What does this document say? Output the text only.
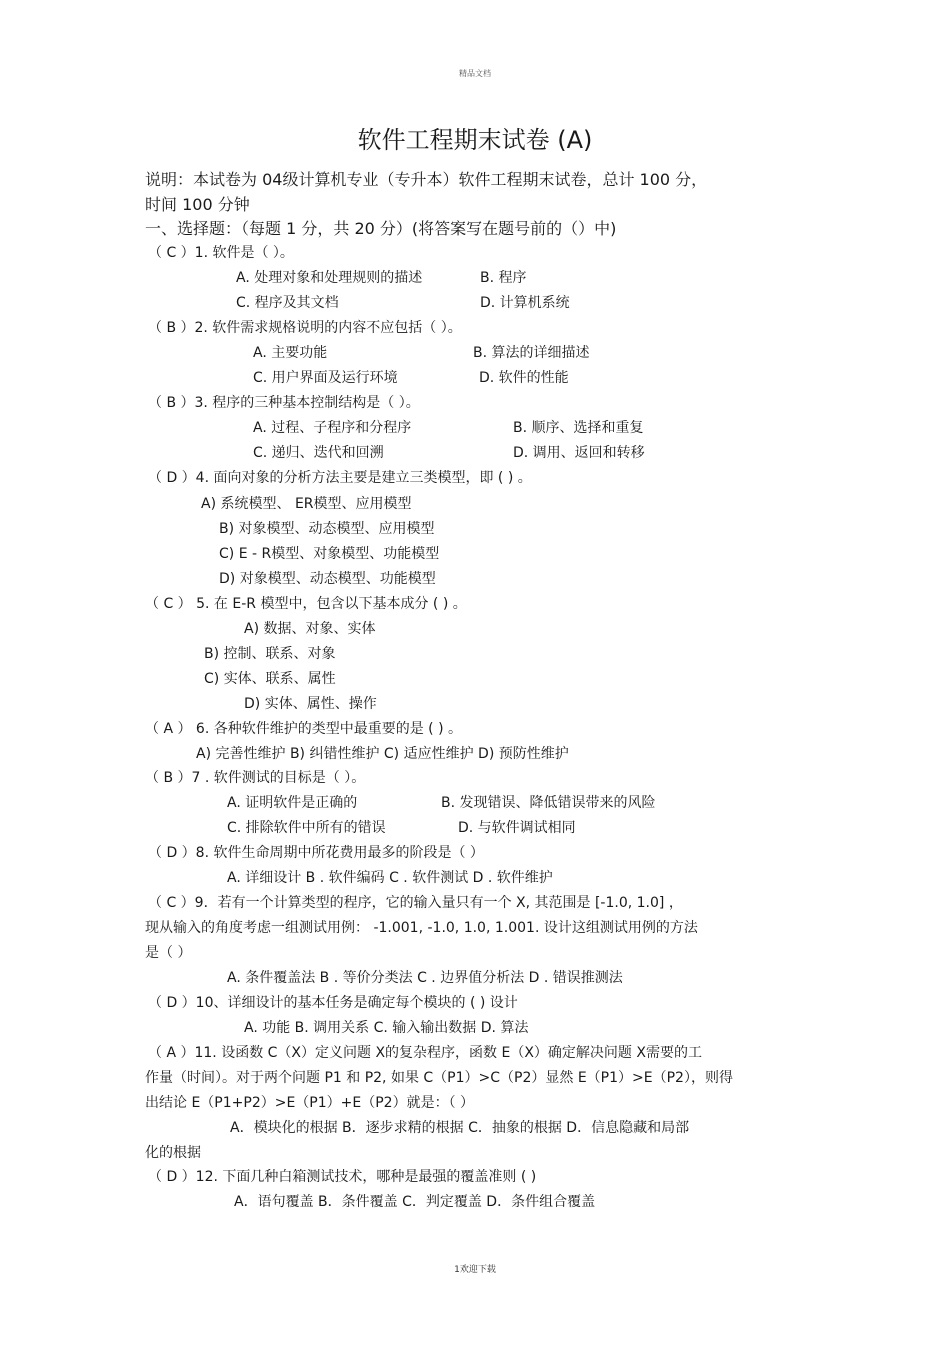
精品文档
软件工程期末试卷 (A)
说明：本试卷为 04级计算机专业（专升本）软件工程期末试卷，总计 100 分，
时间 100 分钟
一、选择题：（每题 1 分，共 20 分）(将答案写在题号前的（）中)
（ C ）1. 软件是（ ）。
A. 处理对象和处理规则的描述	B. 程序
C. 程序及其文档	D. 计算机系统
（ B ）2. 软件需求规格说明的内容不应包括（ ）。
A. 主要功能	B. 算法的详细描述
C. 用户界面及运行环境	D. 软件的性能
（ B ）3. 程序的三种基本控制结构是（ ）。
A. 过程、子程序和分程序	B. 顺序、选择和重复
C. 递归、迭代和回溯	D. 调用、返回和转移
（ D ）4. 面向对象的分析方法主要是建立三类模型，即 ( ) 。
A) 系统模型、 ER模型、应用模型
B) 对象模型、动态模型、应用模型
C) E - R模型、对象模型、功能模型
D) 对象模型、动态模型、功能模型
（ C ） 5. 在 E-R 模型中，包含以下基本成分 ( ) 。
A) 数据、对象、实体
B) 控制、联系、对象
C) 实体、联系、属性
D) 实体、属性、操作
（ A ） 6. 各种软件维护的类型中最重要的是 ( ) 。
A) 完善性维护 B) 纠错性维护 C) 适应性维护 D) 预防性维护
（ B ）7 . 软件测试的目标是（ ）。
A. 证明软件是正确的	B. 发现错误、降低错误带来的风险
C. 排除软件中所有的错误	D. 与软件调试相同
（ D ）8. 软件生命周期中所花费用最多的阶段是（ ）
A. 详细设计 B . 软件编码 C . 软件测试 D . 软件维护
（ C ）9．若有一个计算类型的程序，它的输入量只有一个 X, 其范围是 [-1.0, 1.0] ，
现从输入的角度考虑一组测试用例： -1.001, -1.0, 1.0, 1.001. 设计这组测试用例的方法
是（ ）
A. 条件覆盖法 B . 等价分类法 C . 边界值分析法 D . 错误推测法
（ D ）10、详细设计的基本任务是确定每个模块的 ( ) 设计
A. 功能 B. 调用关系 C. 输入输出数据 D. 算法
（ A ）11. 设函数 C（X）定义问题 X的复杂程序，函数 E（X）确定解决问题 X需要的工
作量（时间）。对于两个问题 P1 和 P2, 如果 C（P1）>C（P2）显然 E（P1）>E（P2），则得
出结论 E（P1+P2）>E（P1）+E（P2）就是：（ ）
A．模块化的根据 B．逐步求精的根据 C．抽象的根据 D．信息隐藏和局部
化的根据
（ D ）12. 下面几种白箱测试技术，哪种是最强的覆盖准则 ( )
A．语句覆盖 B．条件覆盖 C．判定覆盖 D．条件组合覆盖
1欢迎下载
